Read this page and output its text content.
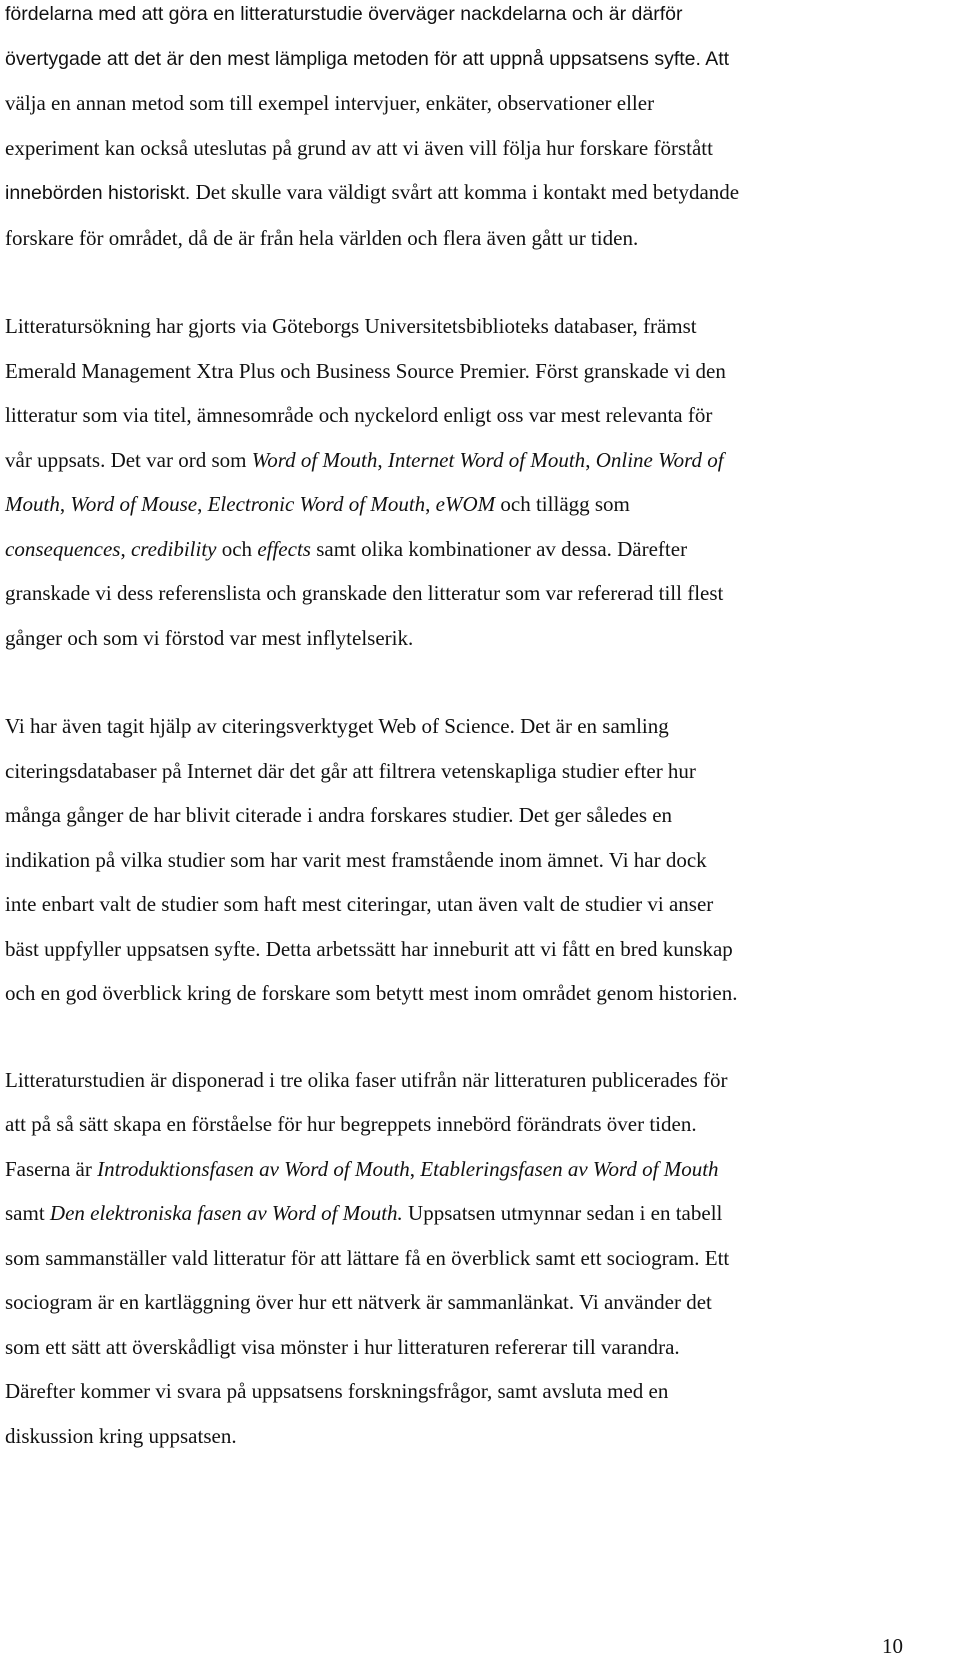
fördelarna med att göra en litteraturstudie överväger nackdelarna och är därför
övertygade att det är den mest lämpliga metoden för att uppnå uppsatsens syfte. Att
välja en annan metod som till exempel intervjuer, enkäter, observationer eller
experiment kan också uteslutas på grund av att vi även vill följa hur forskare förstått
innebörden historiskt. Det skulle vara väldigt svårt att komma i kontakt med betydande
forskare för området, då de är från hela världen och flera även gått ur tiden.
Litteratursökning har gjorts via Göteborgs Universitetsbiblioteks databaser, främst
Emerald Management Xtra Plus och Business Source Premier. Först granskade vi den
litteratur som via titel, ämnesområde och nyckelord enligt oss var mest relevanta för
vår uppsats. Det var ord som Word of Mouth, Internet Word of Mouth, Online Word of
Mouth, Word of Mouse, Electronic Word of Mouth, eWOM och tillägg som
consequences, credibility och effects samt olika kombinationer av dessa. Därefter
granskade vi dess referenslista och granskade den litteratur som var refererad till flest
gånger och som vi förstod var mest inflytelserik.
Vi har även tagit hjälp av citeringsverktyget Web of Science. Det är en samling
citeringsdatabaser på Internet där det går att filtrera vetenskapliga studier efter hur
många gånger de har blivit citerade i andra forskares studier. Det ger således en
indikation på vilka studier som har varit mest framstående inom ämnet. Vi har dock
inte enbart valt de studier som haft mest citeringar, utan även valt de studier vi anser
bäst uppfyller uppsatsen syfte. Detta arbetssätt har inneburit att vi fått en bred kunskap
och en god överblick kring de forskare som betytt mest inom området genom historien.
Litteraturstudien är disponerad i tre olika faser utifrån när litteraturen publicerades för
att på så sätt skapa en förståelse för hur begreppets innebörd förändrats över tiden.
Faserna är Introduktionsfasen av Word of Mouth, Etableringsfasen av Word of Mouth
samt Den elektroniska fasen av Word of Mouth. Uppsatsen utmynnar sedan i en tabell
som sammanställer vald litteratur för att lättare få en överblick samt ett sociogram. Ett
sociogram är en kartläggning över hur ett nätverk är sammanlänkat. Vi använder det
som ett sätt att överskådligt visa mönster i hur litteraturen refererar till varandra.
Därefter kommer vi svara på uppsatsens forskningsfrågor, samt avsluta med en
diskussion kring uppsatsen.
10
